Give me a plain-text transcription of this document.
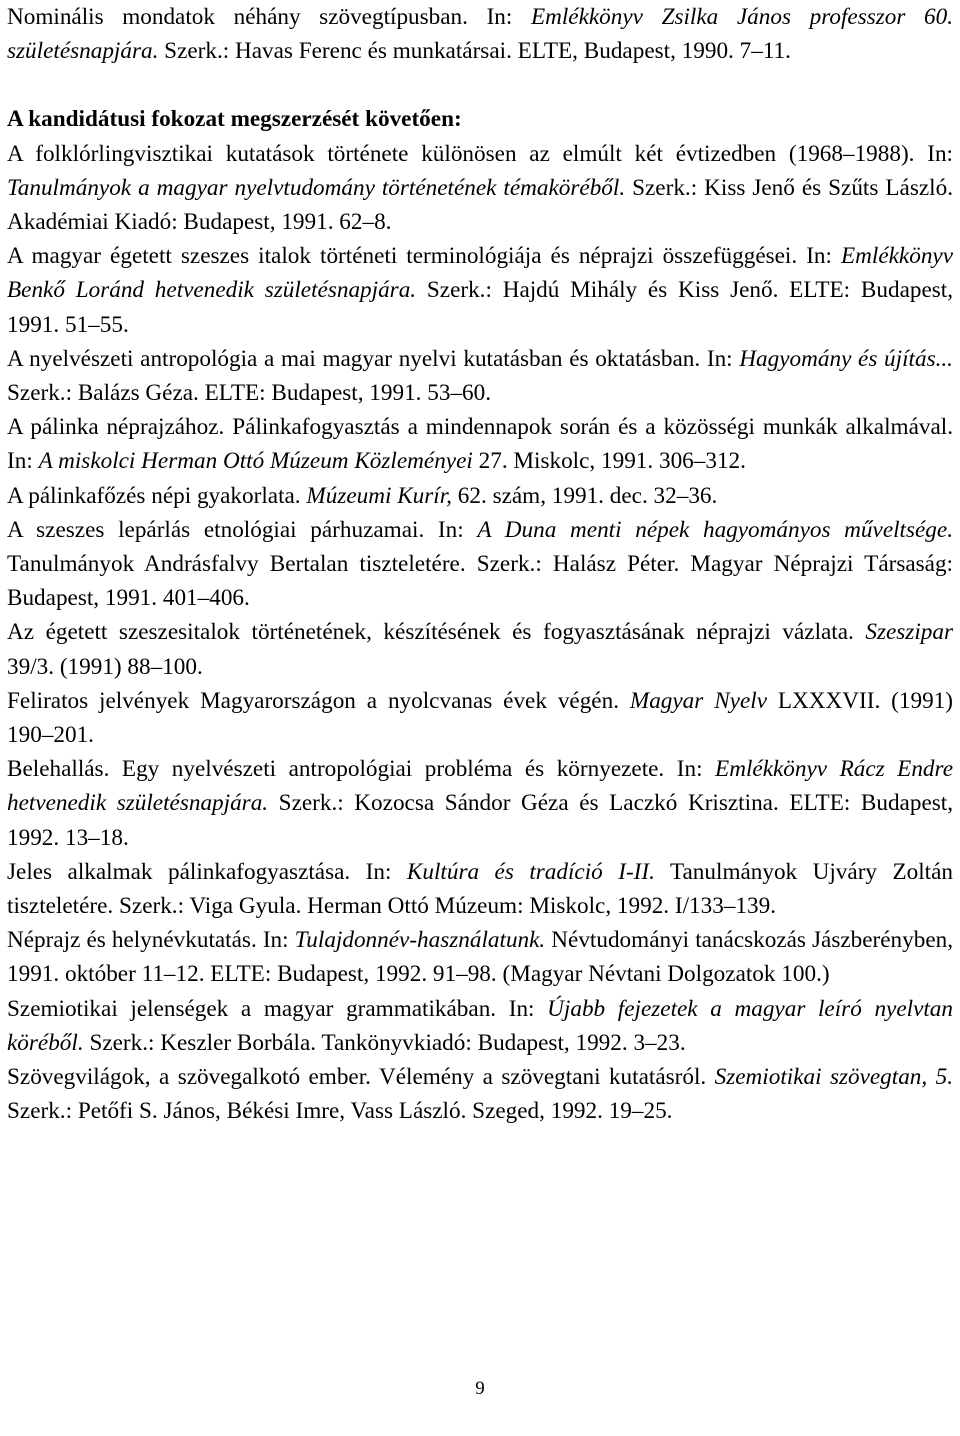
Nominális mondatok néhány szövegtípusban. In: Emlékkönyv Zsilka János professzor 60. születésnapjára. Szerk.: Havas Ferenc és munkatársai. ELTE, Budapest, 1990. 7–11.

A kandidátusi fokozat megszerzését követően:

A folklórlingvisztikai kutatások története különösen az elmúlt két évtizedben (1968–1988). In: Tanulmányok a magyar nyelvtudomány történetének témaköréből. Szerk.: Kiss Jenő és Szűts László. Akadémiai Kiadó: Budapest, 1991. 62–8.

A magyar égetett szeszes italok történeti terminológiája és néprajzi összefüggései. In: Emlékkönyv Benkő Loránd hetvenedik születésnapjára. Szerk.: Hajdú Mihály és Kiss Jenő. ELTE: Budapest, 1991. 51–55.

A nyelvészeti antropológia a mai magyar nyelvi kutatásban és oktatásban. In: Hagyomány és újítás... Szerk.: Balázs Géza. ELTE: Budapest, 1991. 53–60.

A pálinka néprajzához. Pálinkafogyasztás a mindennapok során és a közösségi munkák alkalmával. In: A miskolci Herman Ottó Múzeum Közleményei 27. Miskolc, 1991. 306–312.

A pálinkafőzés népi gyakorlata. Múzeumi Kurír, 62. szám, 1991. dec. 32–36.

A szeszes lepárlás etnológiai párhuzamai. In: A Duna menti népek hagyományos műveltsége. Tanulmányok Andrásfalvy Bertalan tiszteletére. Szerk.: Halász Péter. Magyar Néprajzi Társaság: Budapest, 1991. 401–406.

Az égetett szeszesitalok történetének, készítésének és fogyasztásának néprajzi vázlata. Szeszipar 39/3. (1991) 88–100.

Feliratos jelvények Magyarországon a nyolcvanas évek végén. Magyar Nyelv LXXXVII. (1991) 190–201.

Belehallás. Egy nyelvészeti antropológiai probléma és környezete. In: Emlékkönyv Rácz Endre hetvenedik születésnapjára. Szerk.: Kozocsa Sándor Géza és Laczkó Krisztina. ELTE: Budapest, 1992. 13–18.

Jeles alkalmak pálinkafogyasztása. In: Kultúra és tradíció I-II. Tanulmányok Ujváry Zoltán tiszteletére. Szerk.: Viga Gyula. Herman Ottó Múzeum: Miskolc, 1992. I/133–139.

Néprajz és helynévkutatás. In: Tulajdonnév-használatunk. Névtudományi tanácskozás Jászberényben, 1991. október 11–12. ELTE: Budapest, 1992. 91–98. (Magyar Névtani Dolgozatok 100.)

Szemiotikai jelenségek a magyar grammatikában. In: Újabb fejezetek a magyar leíró nyelvtan köréből. Szerk.: Keszler Borbála. Tankönyvkiadó: Budapest, 1992. 3–23.

Szövegvilágok, a szövegalkotó ember. Vélemény a szövegtani kutatásról. Szemiotikai szövegtan, 5. Szerk.: Petőfi S. János, Békési Imre, Vass László. Szeged, 1992. 19–25.

9
